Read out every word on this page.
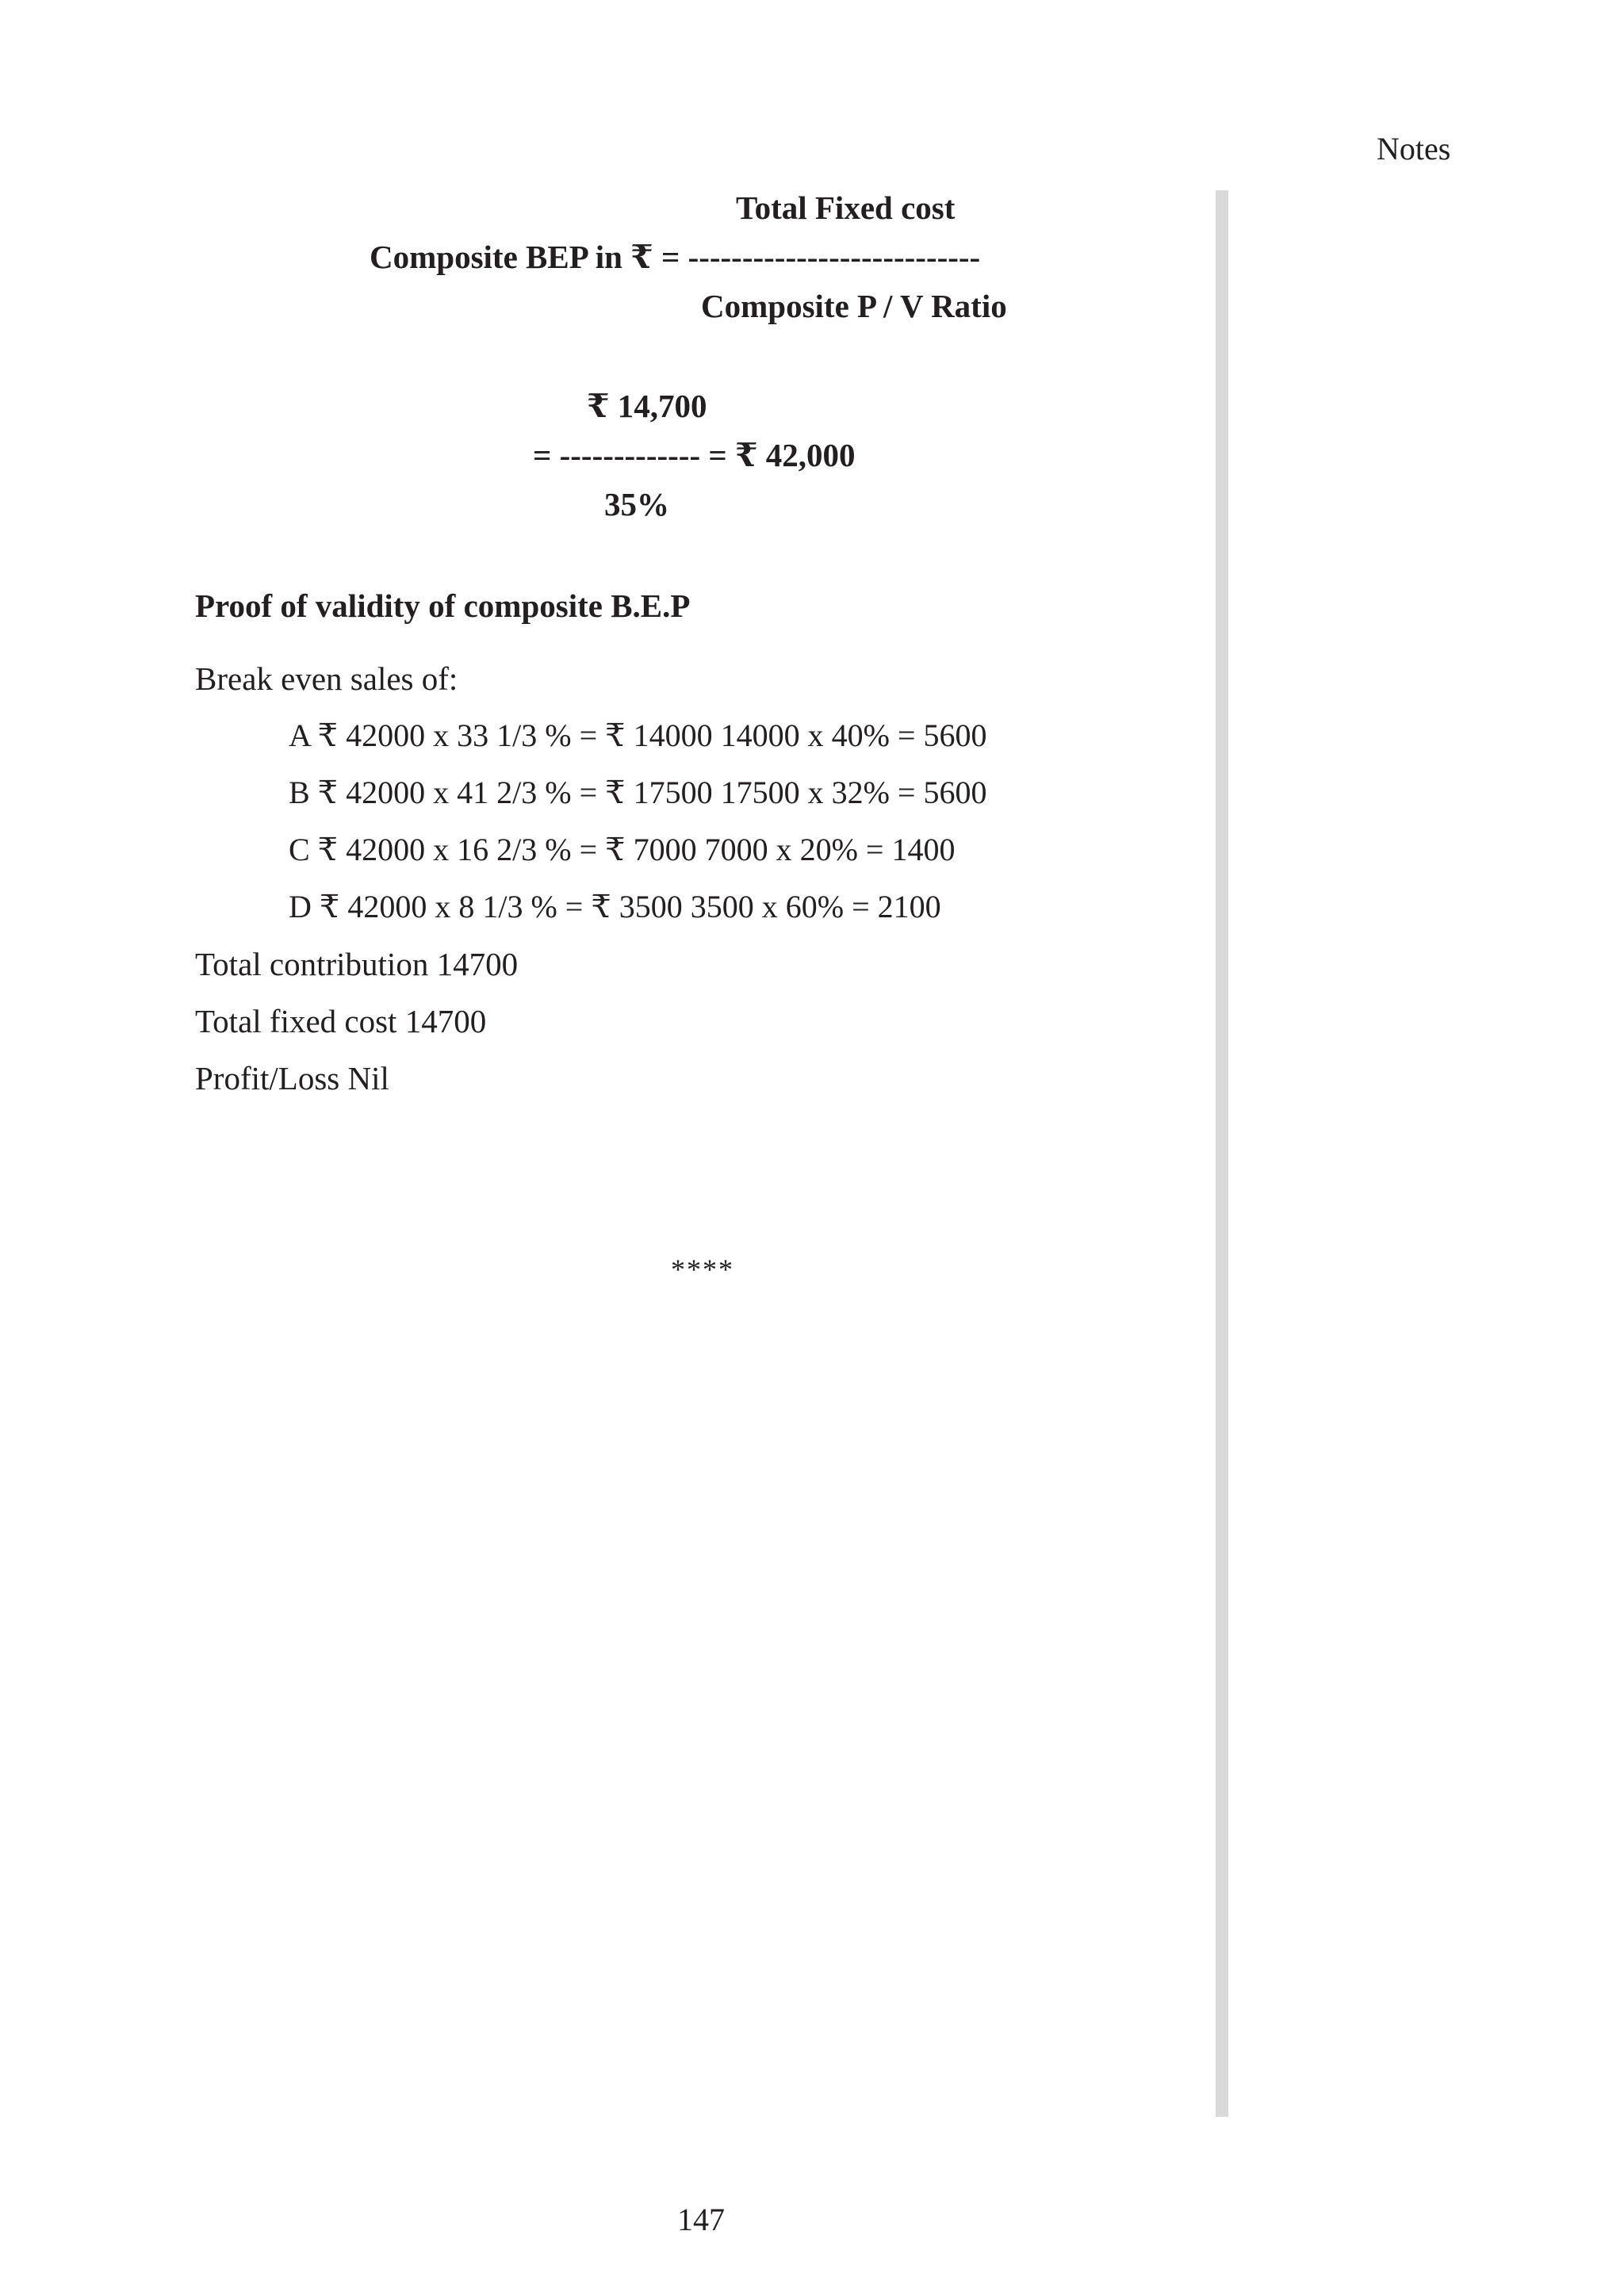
Notes
Total Fixed cost
Composite BEP in ₹ = ---------------------------
Composite P / V Ratio
₹ 14,700
= ------------- = ₹ 42,000
35%
Proof of validity of composite B.E.P
Break even sales of:
A ₹ 42000 x 33 1/3 % = ₹ 14000 14000 x 40% = 5600
B ₹ 42000 x 41 2/3 % = ₹ 17500 17500 x 32% = 5600
C ₹ 42000 x 16 2/3 % = ₹ 7000 7000 x 20% = 1400
D ₹ 42000 x 8 1/3 % = ₹ 3500 3500 x 60% = 2100
Total contribution 14700
Total fixed cost 14700
Profit/Loss Nil
****
147
